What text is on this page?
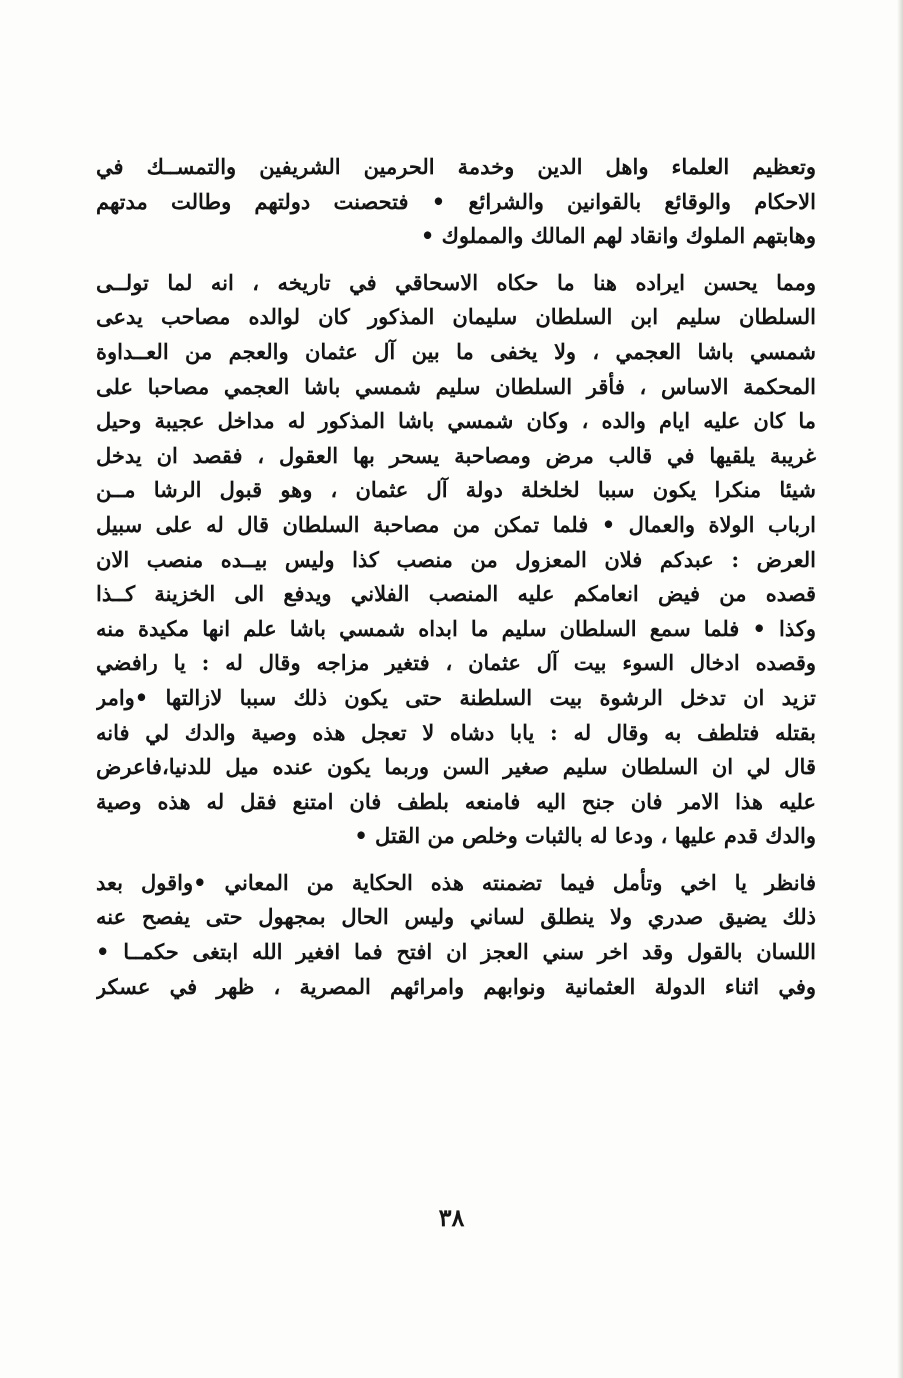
وتعظيم العلماء واهل الدين وخدمة الحرمين الشريفين والتمســك في
الاحكام والوقائع بالقوانين والشرائع • فتحصنت دولتهم وطالت مدتهم
وهابتهم الملوك وانقاد لهم المالك والمملوك •
ومما يحسن ايراده هنا ما حكاه الاسحاقي في تاريخه ، انه لما تولــى
السلطان سليم ابن السلطان سليمان المذكور كان لوالده مصاحب يدعى
شمسي باشا العجمي ، ولا يخفى ما بين آل عثمان والعجم من العــداوة
المحكمة الاساس ، فأقر السلطان سليم شمسي باشا العجمي مصاحبا على
ما كان عليه ايام والده ، وكان شمسي باشا المذكور له مداخل عجيبة وحيل
غريبة يلقيها في قالب مرض ومصاحبة يسحر بها العقول ، فقصد ان يدخل
شيئا منكرا يكون سببا لخلخلة دولة آل عثمان ، وهو قبول الرشا مــن
ارباب الولاة والعمال • فلما تمكن من مصاحبة السلطان قال له على سبيل
العرض : عبدكم فلان المعزول من منصب كذا وليس بيــده منصب الان
قصده من فيض انعامكم عليه المنصب الفلاني ويدفع الى الخزينة كــذا
وكذا • فلما سمع السلطان سليم ما ابداه شمسي باشا علم انها مكيدة منه
وقصده ادخال السوء بيت آل عثمان ، فتغير مزاجه وقال له : يا رافضي
تزيد ان تدخل الرشوة بيت السلطنة حتى يكون ذلك سببا لازالتها •وامر
بقتله فتلطف به وقال له : يابا دشاه لا تعجل هذه وصية والدك لي فانه
قال لي ان السلطان سليم صغير السن وربما يكون عنده ميل للدنيا،فاعرض
عليه هذا الامر فان جنح اليه فامنعه بلطف فان امتنع فقل له هذه وصية
والدك قدم عليها ، ودعا له بالثبات وخلص من القتل •
فانظر يا اخي وتأمل فيما تضمنته هذه الحكاية من المعاني •واقول بعد
ذلك يضيق صدري ولا ينطلق لساني وليس الحال بمجهول حتى يفصح عنه
اللسان بالقول وقد اخر سني العجز ان افتح فما افغير الله ابتغى حكمــا •
وفي اثناء الدولة العثمانية ونوابهم وامرائهم المصرية ، ظهر في عسكر
٣٨
